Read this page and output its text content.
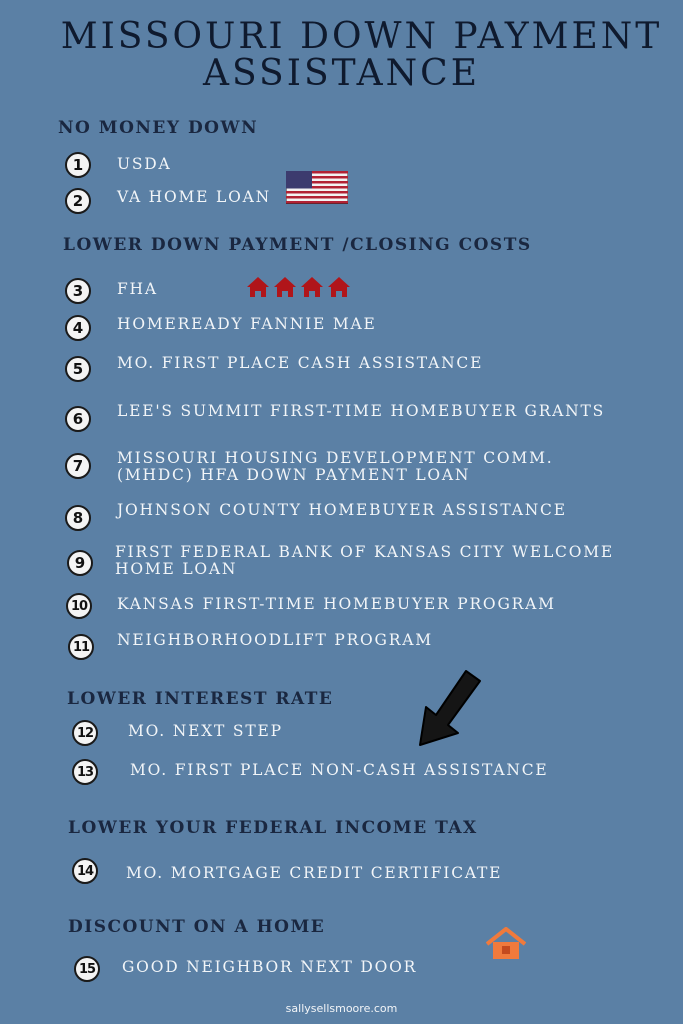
MISSOURI DOWN PAYMENT
ASSISTANCE
NO MONEY DOWN
1	USDA
2	VA HOME LOAN
LOWER DOWN PAYMENT /CLOSING COSTS
3	FHA
4	HOMEREADY FANNIE MAE
5	MO. FIRST PLACE CASH ASSISTANCE
6	LEE'S SUMMIT FIRST-TIME HOMEBUYER GRANTS
7	MISSOURI HOUSING DEVELOPMENT COMM.
(MHDC) HFA DOWN PAYMENT LOAN
8	JOHNSON COUNTY HOMEBUYER ASSISTANCE
9
FIRST FEDERAL BANK OF KANSAS CITY WELCOME
HOME LOAN
10	KANSAS FIRST-TIME HOMEBUYER PROGRAM
11	NEIGHBORHOODLIFT PROGRAM
LOWER INTEREST RATE
12	MO. NEXT STEP
13	MO. FIRST PLACE NON-CASH ASSISTANCE
LOWER YOUR FEDERAL INCOME TAX
14	MO. MORTGAGE CREDIT CERTIFICATE
DISCOUNT ON A HOME
15	GOOD NEIGHBOR NEXT DOOR
sallysellsmoore.com
